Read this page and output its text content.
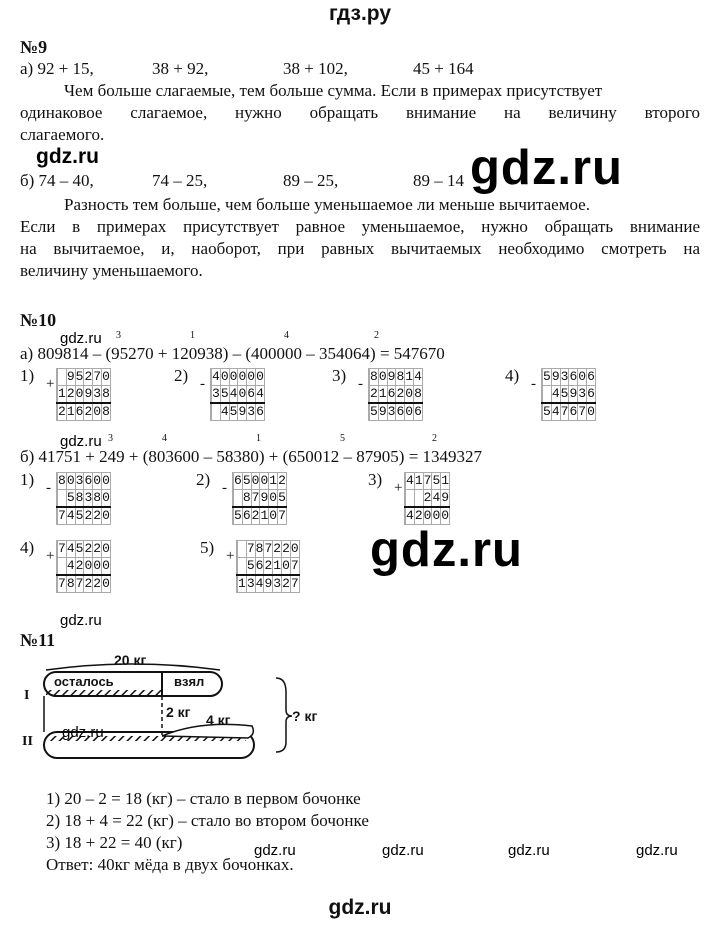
гдз.ру
№9
а) 92 + 15,	38 + 92,	38 + 102,	45 + 164
Чем больше слагаемые, тем больше сумма. Если в примерах присутствует
одинаковое слагаемое, нужно обращать внимание на величину второго
слагаемого.
б) 74 – 40,	74 – 25,	89 – 25,	89 – 14
Разность тем больше, чем больше уменьшаемое ли меньше вычитаемое.
Если в примерах присутствует равное уменьшаемое, нужно обращать внимание
на вычитаемое, и, наоборот, при равных вычитаемых необходимо смотреть на
величину уменьшаемого.
gdz.ru	gdz.ru
№10
gdz.ru 3	1	4	2
а) 809814 – (95270 + 120938) – (400000 – 354064) = 547670
1) +
		9	5	2	7	0
	1	2	0	9	3	8
	2	1	6	2	0	8
2) -
	4	0	0	0	0	0
	3	5	4	0	6	4
		4	5	9	3	6
3) -
	8	0	9	8	1	4
	2	1	6	2	0	8
	5	9	3	6	0	6
4) -
	5	9	3	6	0	6
		4	5	9	3	6
	5	4	7	6	7	0
gdz.ru 3	4	1	5	2
б) 41751 + 249 + (803600 – 58380) + (650012 – 87905) = 1349327
1) -
	8	0	3	6	0	0
		5	8	3	8	0
	7	4	5	2	2	0
2) -
	6	5	0	0	1	2
		8	7	9	0	5
	5	6	2	1	0	7
3) +
	4	1	7	5	1
			2	4	9
	4	2	0	0	0
4) +
	7	4	5	2	2	0
		4	2	0	0	0
	7	8	7	2	2	0
5) +
		7	8	7	2	2	0
		5	6	2	1	0	7
	1	3	4	9	3	2	7
gdz.ru
gdz.ru
№11
20 кг
осталось	взял
2 кг 4 кг
I
II
? кг
gdz.ru
1) 20 – 2 = 18 (кг) – стало в первом бочонке
2) 18 + 4 = 22 (кг) – стало во втором бочонке
3) 18 + 22 = 40 (кг)
Ответ: 40кг мёда в двух бочонках.
gdz.ru	gdz.ru	gdz.ru	gdz.ru
gdz.ru
